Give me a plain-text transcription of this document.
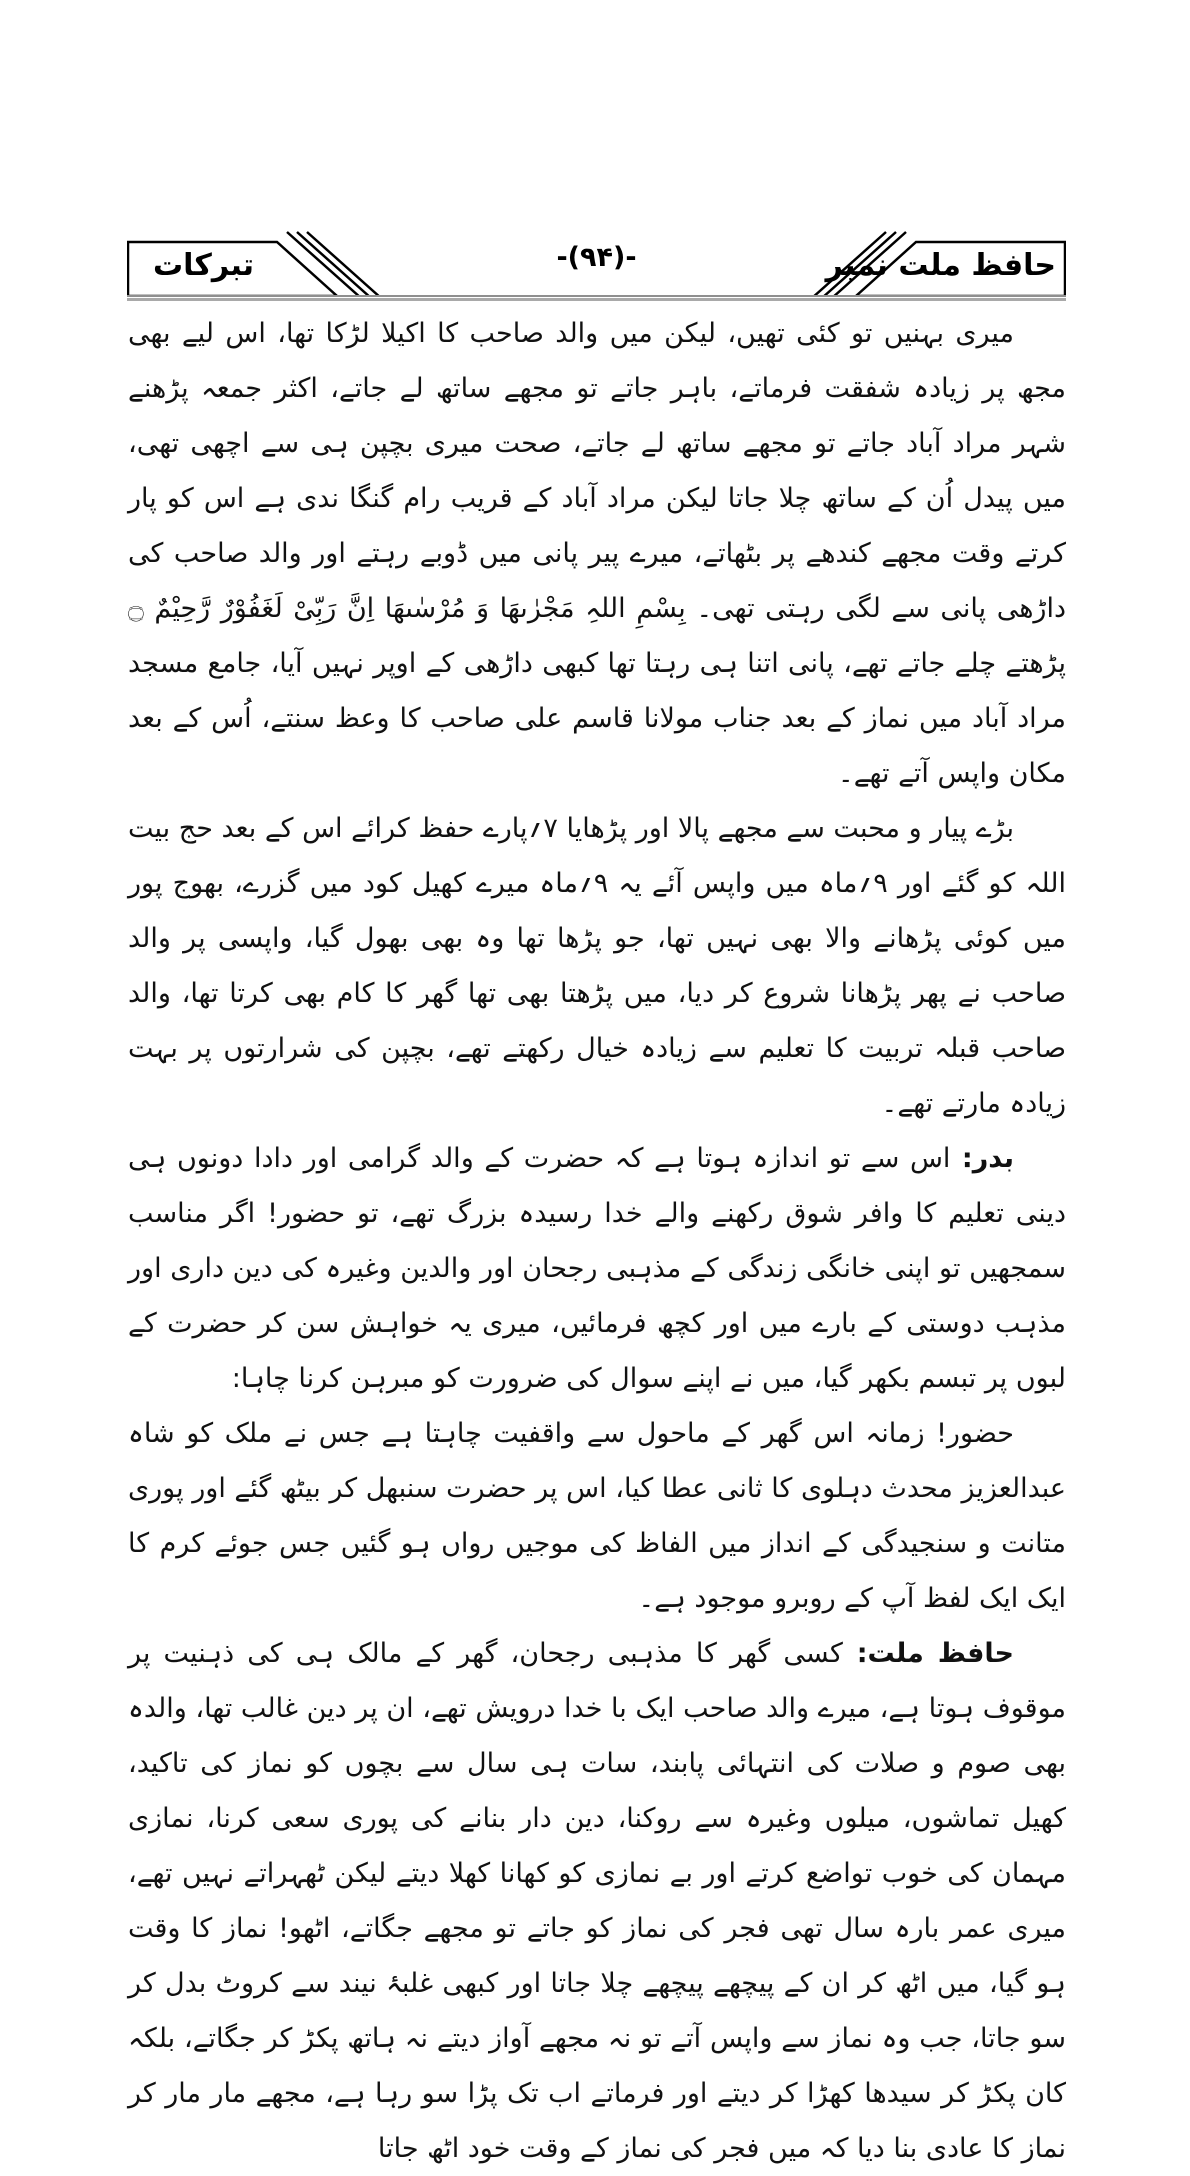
تبرکات	-(۹۴)-	حافظ ملت نمبر

میری بہنیں تو کئی تھیں، لیکن میں والد صاحب کا اکیلا لڑکا تھا، اس لیے بھی مجھ پر زیادہ شفقت فرماتے، باہر جاتے تو مجھے ساتھ لے جاتے، اکثر جمعہ پڑھنے شہر مراد آباد جاتے تو مجھے ساتھ لے جاتے، صحت میری بچپن ہی سے اچھی تھی، میں پیدل اُن کے ساتھ چلا جاتا لیکن مراد آباد کے قریب رام گنگا ندی ہے اس کو پار کرتے وقت مجھے کندھے پر بٹھاتے، میرے پیر پانی میں ڈوبے رہتے اور والد صاحب کی داڑھی پانی سے لگی رہتی تھی۔ بِسْمِ اللہِ مَجْرٰىهَا وَ مُرْسٰىهَا اِنَّ رَبِّیْ لَغَفُوْرٌ رَّحِیْمٌ ۝ پڑھتے چلے جاتے تھے، پانی اتنا ہی رہتا تھا کبھی داڑھی کے اوپر نہیں آیا، جامع مسجد مراد آباد میں نماز کے بعد جناب مولانا قاسم علی صاحب کا وعظ سنتے، اُس کے بعد مکان واپس آتے تھے۔

بڑے پیار و محبت سے مجھے پالا اور پڑھایا ۷؍پارے حفظ کرائے اس کے بعد حج بیت اللہ کو گئے اور ۹؍ماہ میں واپس آئے یہ ۹؍ماہ میرے کھیل کود میں گزرے، بھوج پور میں کوئی پڑھانے والا بھی نہیں تھا، جو پڑھا تھا وہ بھی بھول گیا، واپسی پر والد صاحب نے پھر پڑھانا شروع کر دیا، میں پڑھتا بھی تھا گھر کا کام بھی کرتا تھا، والد صاحب قبلہ تربیت کا تعلیم سے زیادہ خیال رکھتے تھے، بچپن کی شرارتوں پر بہت زیادہ مارتے تھے۔

بدر: اس سے تو اندازہ ہوتا ہے کہ حضرت کے والد گرامی اور دادا دونوں ہی دینی تعلیم کا وافر شوق رکھنے والے خدا رسیدہ بزرگ تھے، تو حضور! اگر مناسب سمجھیں تو اپنی خانگی زندگی کے مذہبی رجحان اور والدین وغیرہ کی دین داری اور مذہب دوستی کے بارے میں اور کچھ فرمائیں، میری یہ خواہش سن کر حضرت کے لبوں پر تبسم بکھر گیا، میں نے اپنے سوال کی ضرورت کو مبرہن کرنا چاہا:

حضور! زمانہ اس گھر کے ماحول سے واقفیت چاہتا ہے جس نے ملک کو شاہ عبدالعزیز محدث دہلوی کا ثانی عطا کیا، اس پر حضرت سنبھل کر بیٹھ گئے اور پوری متانت و سنجیدگی کے انداز میں الفاظ کی موجیں رواں ہو گئیں جس جوئے کرم کا ایک ایک لفظ آپ کے روبرو موجود ہے۔

حافظ ملت: کسی گھر کا مذہبی رجحان، گھر کے مالک ہی کی ذہنیت پر موقوف ہوتا ہے، میرے والد صاحب ایک با خدا درویش تھے، ان پر دین غالب تھا، والدہ بھی صوم و صلات کی انتہائی پابند، سات ہی سال سے بچوں کو نماز کی تاکید، کھیل تماشوں، میلوں وغیرہ سے روکنا، دین دار بنانے کی پوری سعی کرنا، نمازی مہمان کی خوب تواضع کرتے اور بے نمازی کو کھانا کھلا دیتے لیکن ٹھہراتے نہیں تھے، میری عمر بارہ سال تھی فجر کی نماز کو جاتے تو مجھے جگاتے، اٹھو! نماز کا وقت ہو گیا، میں اٹھ کر ان کے پیچھے پیچھے چلا جاتا اور کبھی غلبۂ نیند سے کروٹ بدل کر سو جاتا، جب وہ نماز سے واپس آتے تو نہ مجھے آواز دیتے نہ ہاتھ پکڑ کر جگاتے، بلکہ کان پکڑ کر سیدھا کھڑا کر دیتے اور فرماتے اب تک پڑا سو رہا ہے، مجھے مار مار کر نماز کا عادی بنا دیا کہ میں فجر کی نماز کے وقت خود اٹھ جاتا
